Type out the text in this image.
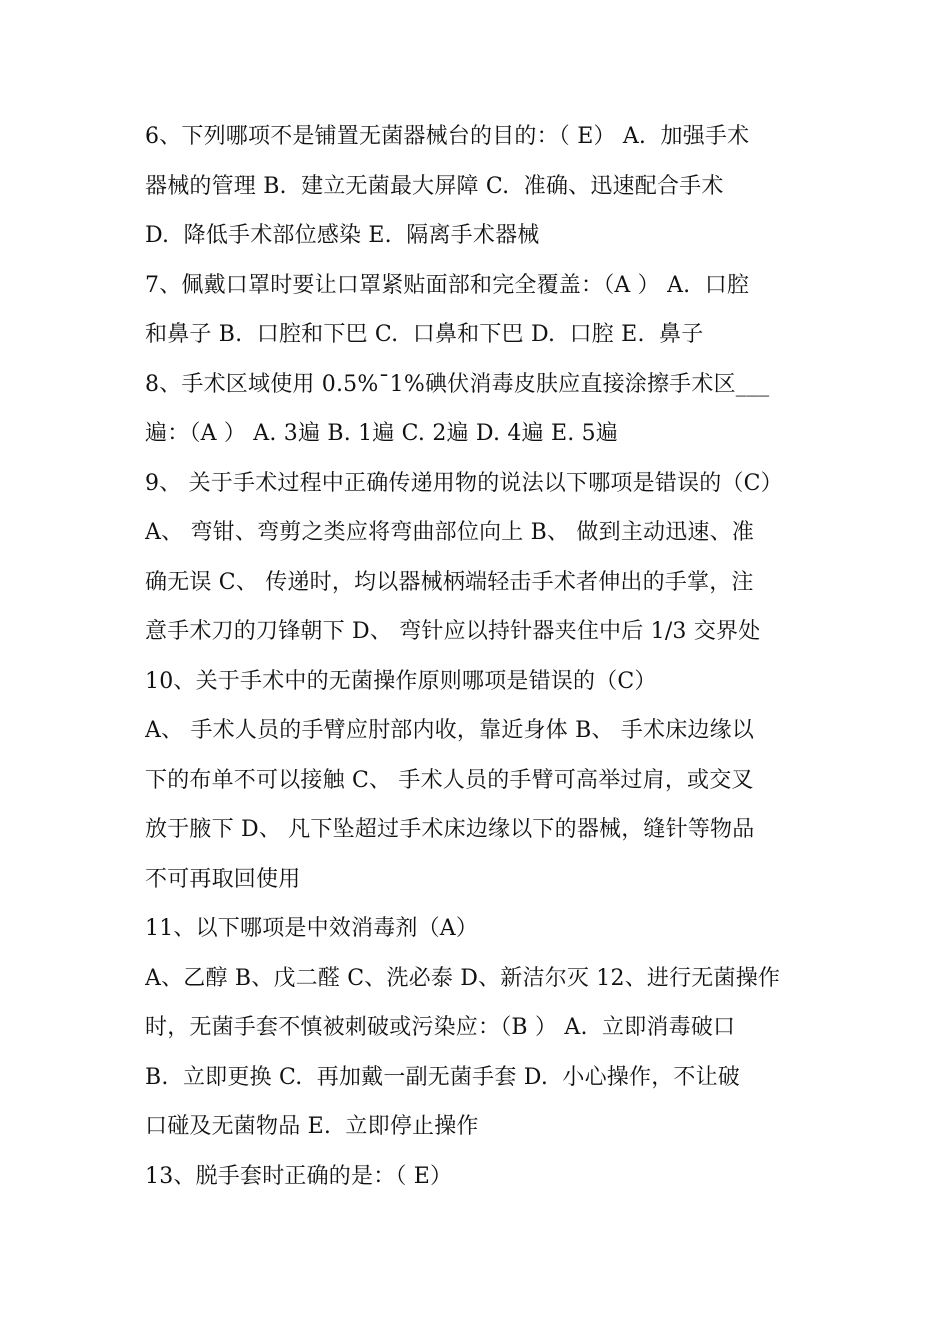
6、下列哪项不是铺置无菌器械台的目的：（ E） A.  加强手术
器械的管理 B.  建立无菌最大屏障 C.  准确、迅速配合手术
D.  降低手术部位感染 E.  隔离手术器械
7、佩戴口罩时要让口罩紧贴面部和完全覆盖：（A ） A.  口腔
和鼻子 B.  口腔和下巴 C.  口鼻和下巴 D.  口腔 E.  鼻子
8、手术区域使用 0.5%¯1%碘伏消毒皮肤应直接涂擦手术区___
遍：（A ） A. 3遍 B. 1遍 C. 2遍 D. 4遍 E. 5遍
9、 关于手术过程中正确传递用物的说法以下哪项是错误的（C）
A、 弯钳、弯剪之类应将弯曲部位向上 B、 做到主动迅速、准
确无误 C、 传递时，均以器械柄端轻击手术者伸出的手掌，注
意手术刀的刀锋朝下 D、 弯针应以持针器夹住中后 1/3 交界处
10、关于手术中的无菌操作原则哪项是错误的（C）
A、 手术人员的手臂应肘部内收，靠近身体 B、 手术床边缘以
下的布单不可以接触 C、 手术人员的手臂可高举过肩，或交叉
放于腋下 D、 凡下坠超过手术床边缘以下的器械，缝针等物品
不可再取回使用
11、以下哪项是中效消毒剂（A）
A、乙醇 B、戊二醛 C、洗必泰 D、新洁尔灭 12、进行无菌操作
时，无菌手套不慎被刺破或污染应：（B ） A.  立即消毒破口
B.  立即更换 C.  再加戴一副无菌手套 D.  小心操作，不让破
口碰及无菌物品 E.  立即停止操作
13、脱手套时正确的是：（ E）
